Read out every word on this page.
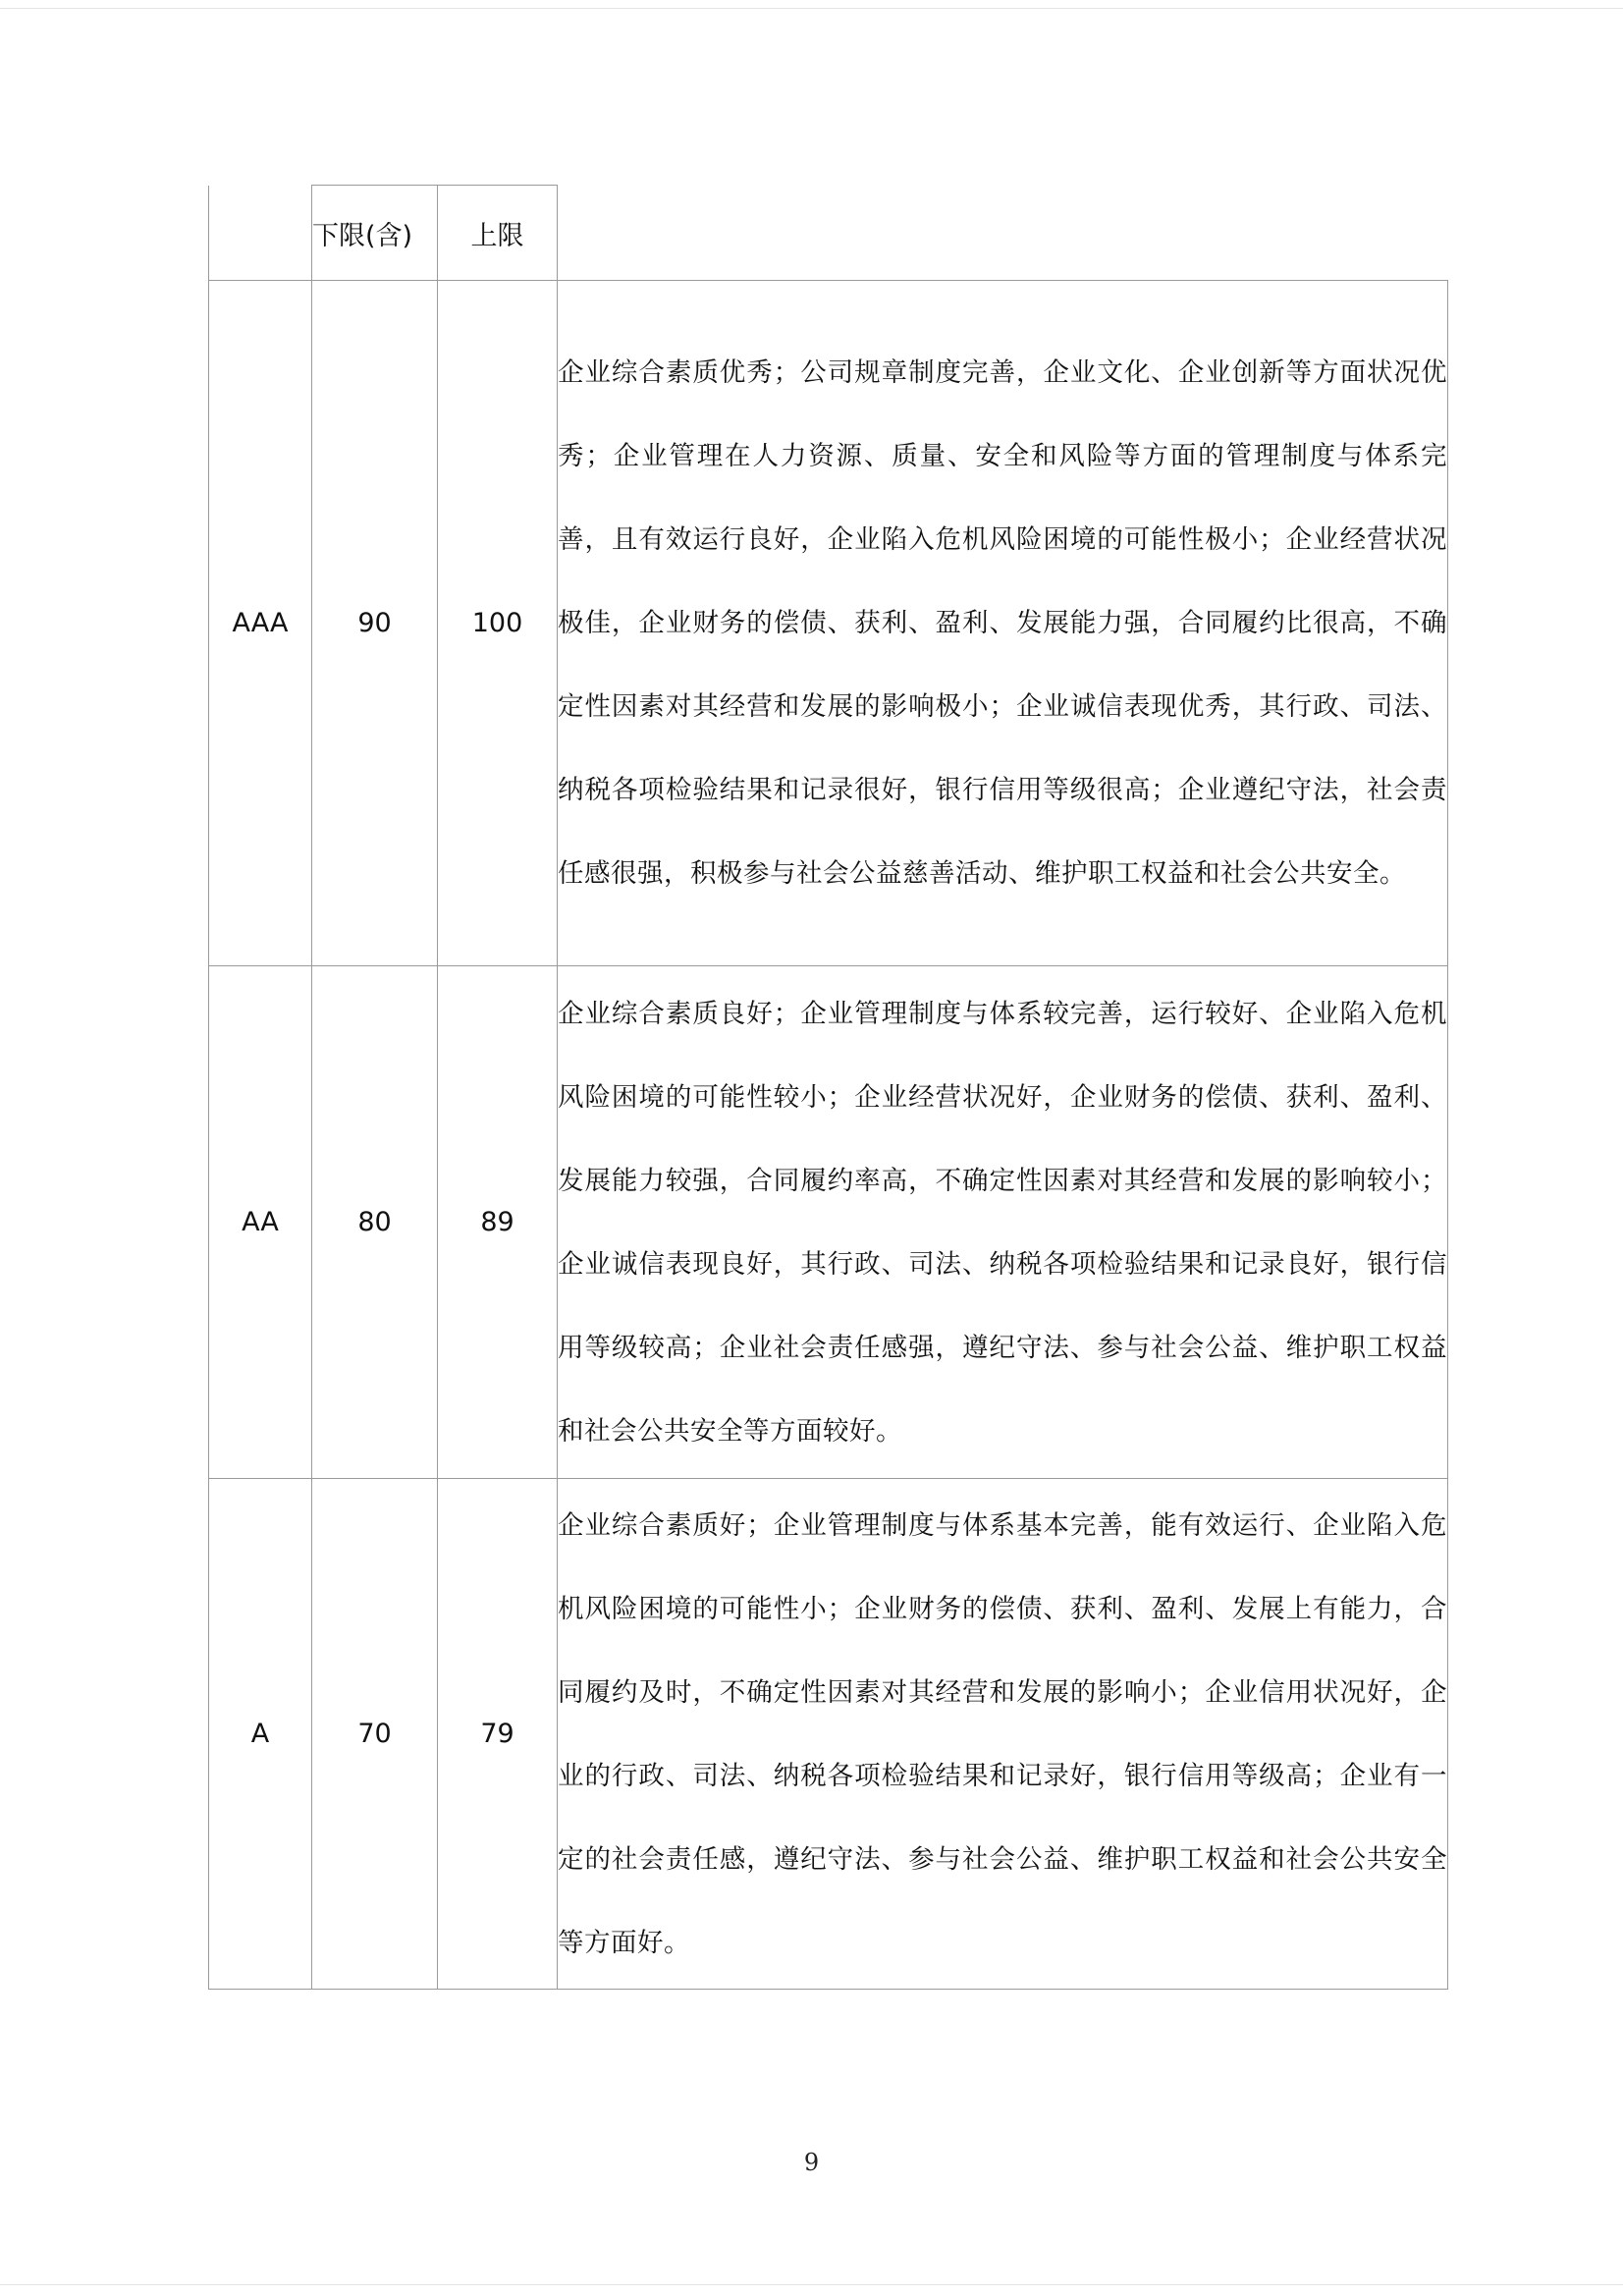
	下限(含)	上限	
AAA	90	100	企业综合素质优秀；公司规章制度完善，企业文化、企业创新等方面状况优秀；企业管理在人力资源、质量、安全和风险等方面的管理制度与体系完善，且有效运行良好，企业陷入危机风险困境的可能性极小；企业经营状况极佳，企业财务的偿债、获利、盈利、发展能力强，合同履约比很高，不确定性因素对其经营和发展的影响极小；企业诚信表现优秀，其行政、司法、纳税各项检验结果和记录很好，银行信用等级很高；企业遵纪守法，社会责任感很强，积极参与社会公益慈善活动、维护职工权益和社会公共安全。

AA	80	89	企业综合素质良好；企业管理制度与体系较完善，运行较好、企业陷入危机风险困境的可能性较小；企业经营状况好，企业财务的偿债、获利、盈利、发展能力较强，合同履约率高，不确定性因素对其经营和发展的影响较小；企业诚信表现良好，其行政、司法、纳税各项检验结果和记录良好，银行信用等级较高；企业社会责任感强，遵纪守法、参与社会公益、维护职工权益和社会公共安全等方面较好。

A	70	79	企业综合素质好；企业管理制度与体系基本完善，能有效运行、企业陷入危机风险困境的可能性小；企业财务的偿债、获利、盈利、发展上有能力，合同履约及时，不确定性因素对其经营和发展的影响小；企业信用状况好，企业的行政、司法、纳税各项检验结果和记录好，银行信用等级高；企业有一定的社会责任感，遵纪守法、参与社会公益、维护职工权益和社会公共安全等方面好。
9
